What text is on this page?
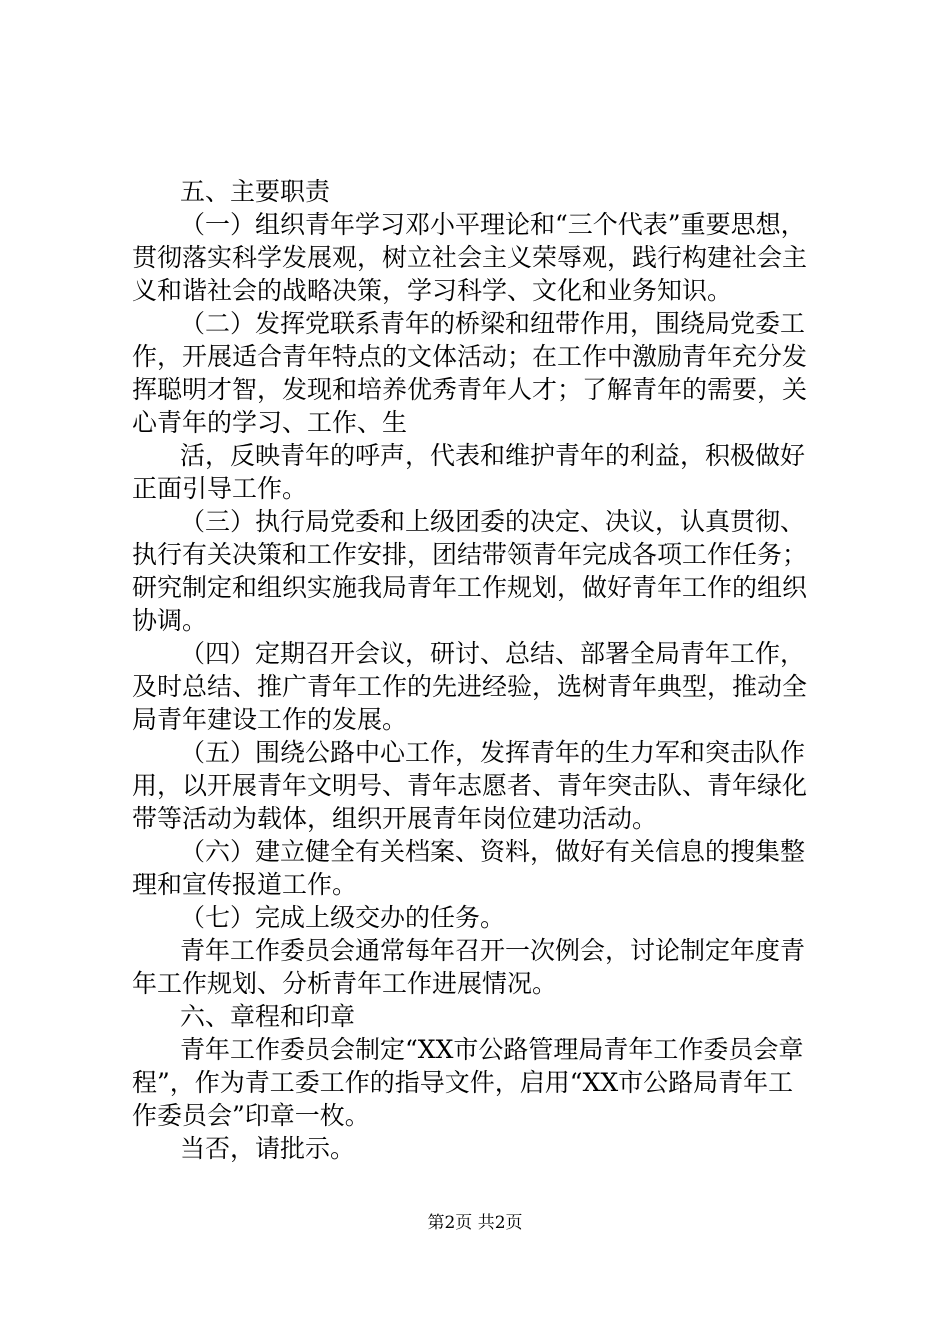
五、主要职责
（一）组织青年学习邓小平理论和“三个代表”重要思想，
贯彻落实科学发展观，树立社会主义荣辱观，践行构建社会主
义和谐社会的战略决策，学习科学、文化和业务知识。
（二）发挥党联系青年的桥梁和纽带作用，围绕局党委工
作，开展适合青年特点的文体活动；在工作中激励青年充分发
挥聪明才智，发现和培养优秀青年人才；了解青年的需要，关
心青年的学习、工作、生
活，反映青年的呼声，代表和维护青年的利益，积极做好
正面引导工作。
（三）执行局党委和上级团委的决定、决议，认真贯彻、
执行有关决策和工作安排，团结带领青年完成各项工作任务；
研究制定和组织实施我局青年工作规划，做好青年工作的组织
协调。
（四）定期召开会议，研讨、总结、部署全局青年工作，
及时总结、推广青年工作的先进经验，选树青年典型，推动全
局青年建设工作的发展。
（五）围绕公路中心工作，发挥青年的生力军和突击队作
用，以开展青年文明号、青年志愿者、青年突击队、青年绿化
带等活动为载体，组织开展青年岗位建功活动。
（六）建立健全有关档案、资料，做好有关信息的搜集整
理和宣传报道工作。
（七）完成上级交办的任务。
青年工作委员会通常每年召开一次例会，讨论制定年度青
年工作规划、分析青年工作进展情况。
六、章程和印章
青年工作委员会制定“XX市公路管理局青年工作委员会章
程”，作为青工委工作的指导文件，启用“XX市公路局青年工
作委员会”印章一枚。
当否，请批示。
第2页 共2页
